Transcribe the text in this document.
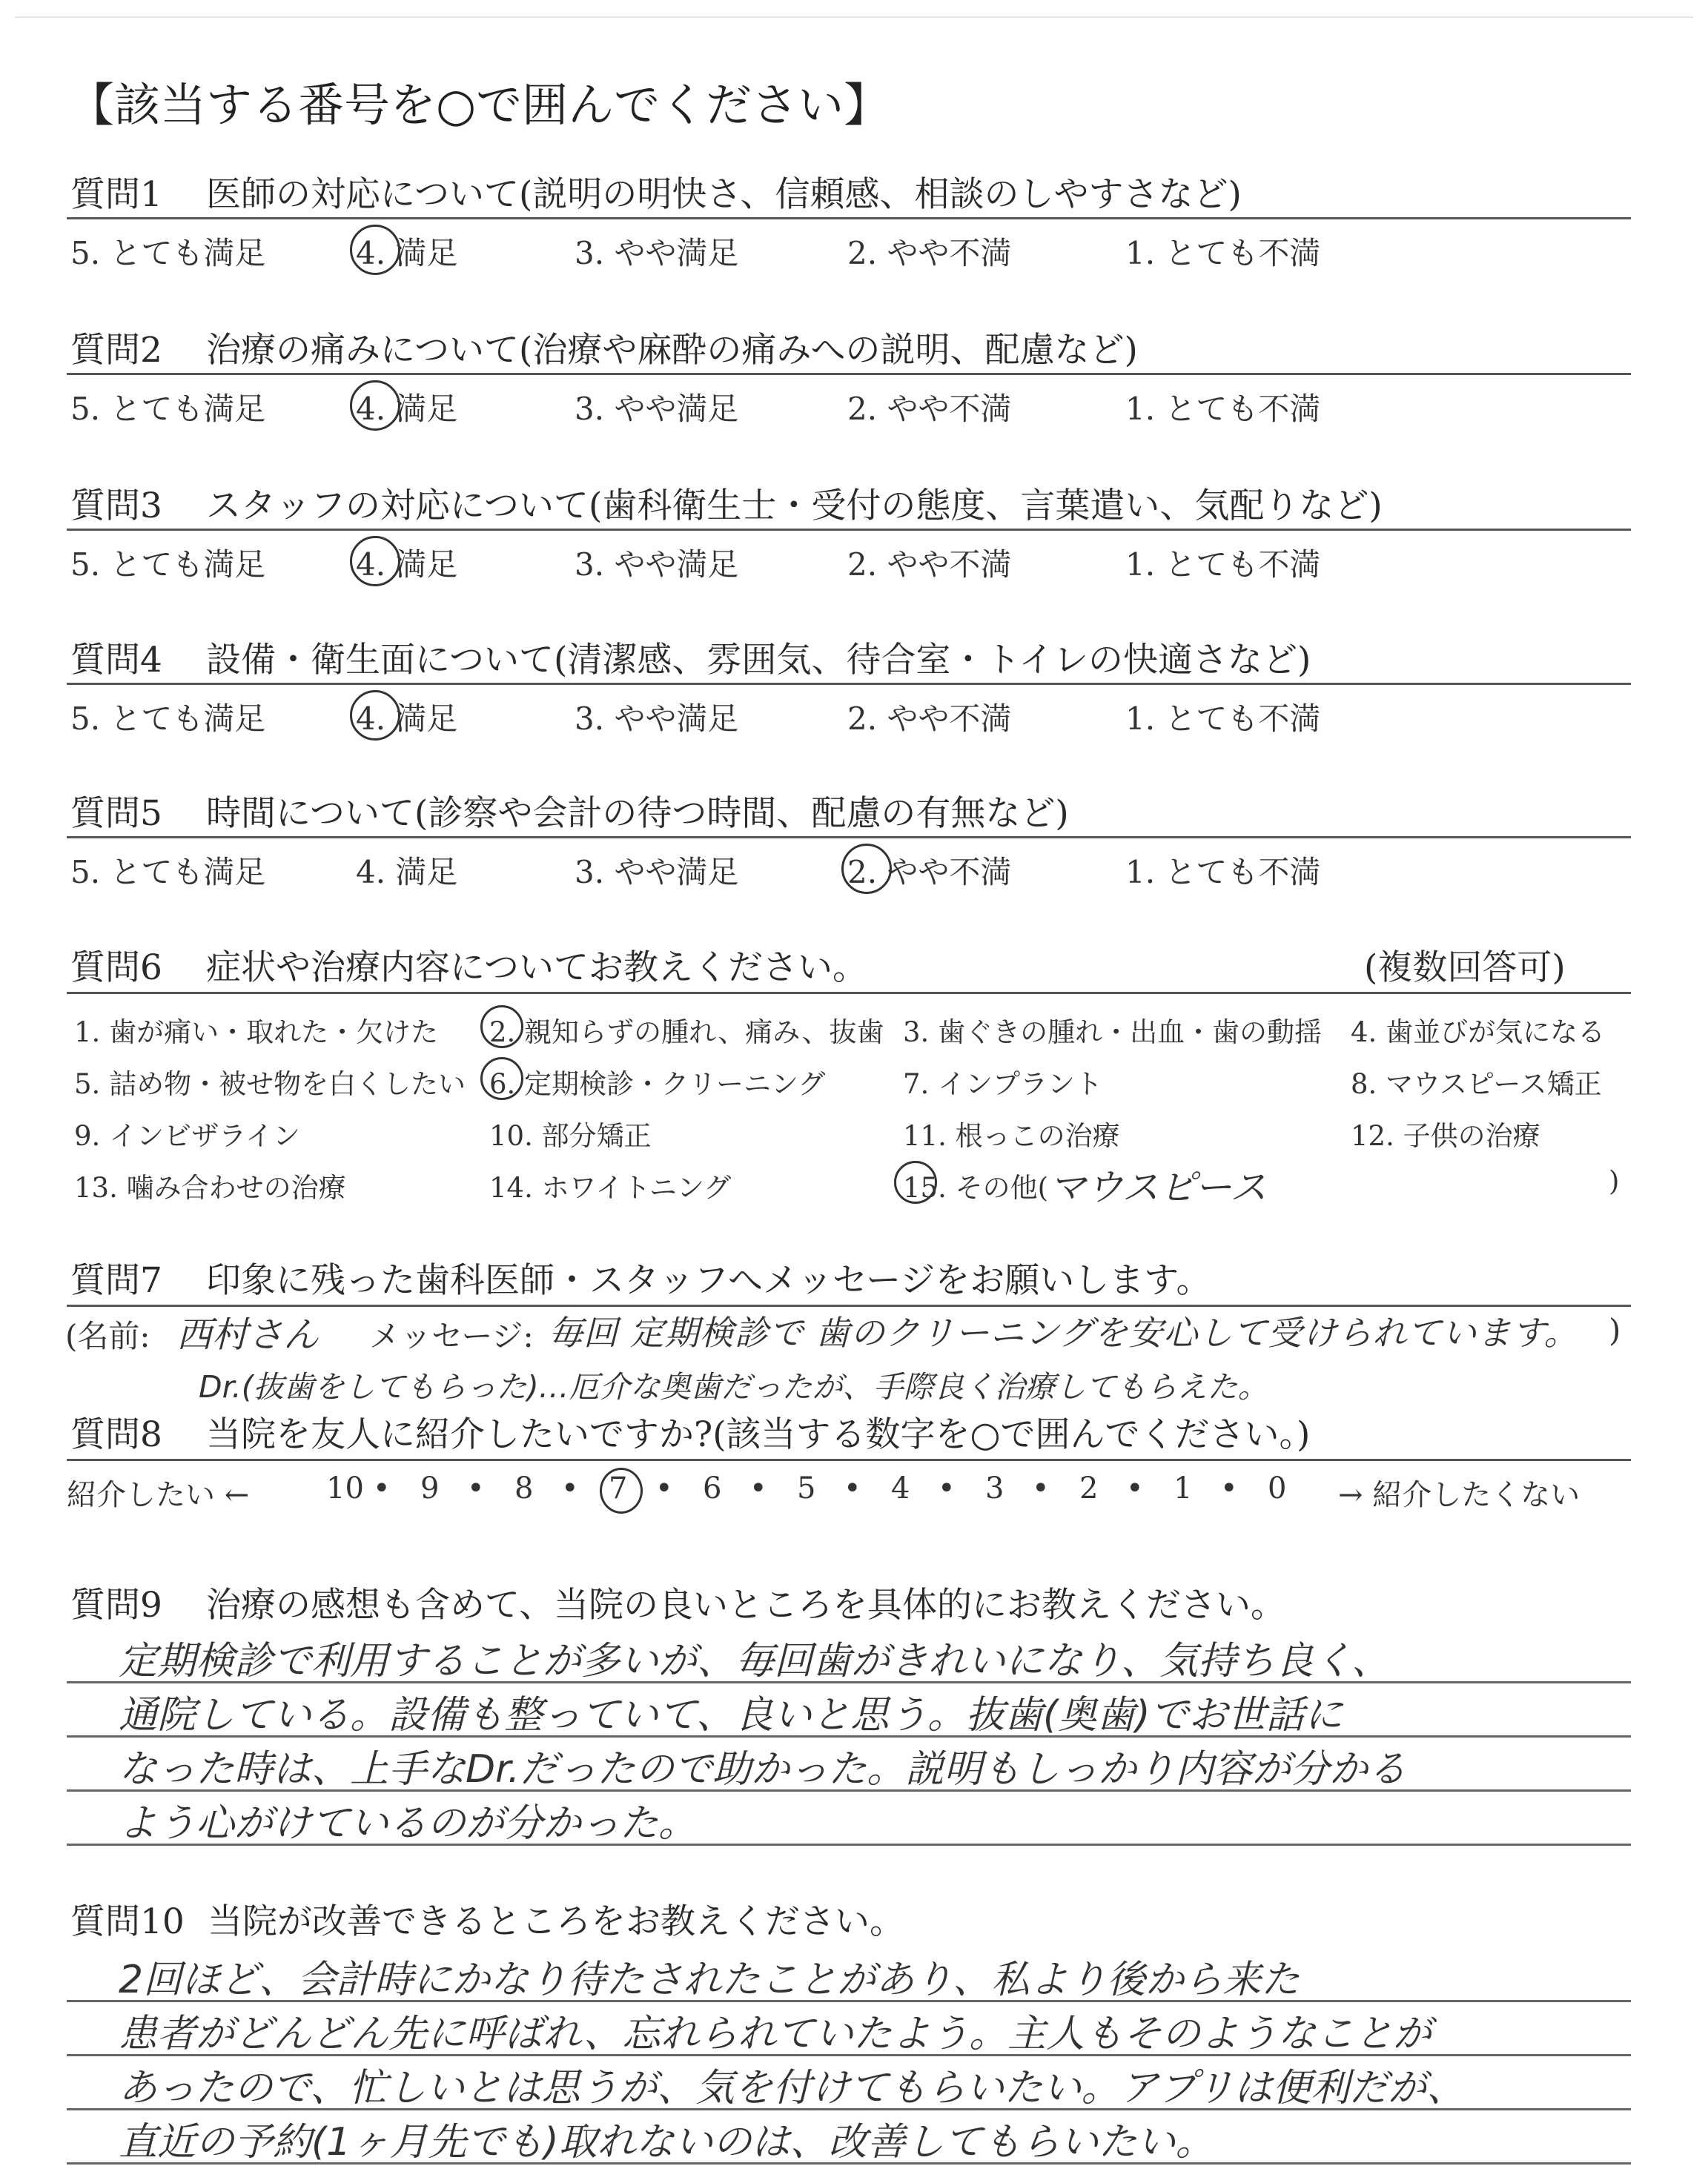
【該当する番号を○で囲んでください】
質問1 医師の対応について(説明の明快さ、信頼感、相談のしやすさなど)
5. とても満足	4. 満足	3. やや満足	2. やや不満	1. とても不満
質問2 治療の痛みについて(治療や麻酔の痛みへの説明、配慮など)
5. とても満足	4. 満足	3. やや満足	2. やや不満	1. とても不満
質問3 スタッフの対応について(歯科衛生士・受付の態度、言葉遣い、気配りなど)
5. とても満足	4. 満足	3. やや満足	2. やや不満	1. とても不満
質問4 設備・衛生面について(清潔感、雰囲気、待合室・トイレの快適さなど)
5. とても満足	4. 満足	3. やや満足	2. やや不満	1. とても不満
質問5 時間について(診察や会計の待つ時間、配慮の有無など)
5. とても満足	4. 満足	3. やや満足	2. やや不満	1. とても不満
質問6 症状や治療内容についてお教えください。	(複数回答可)
1. 歯が痛い・取れた・欠けた 2. 親知らずの腫れ、痛み、抜歯 3. 歯ぐきの腫れ・出血・歯の動揺 4. 歯並びが気になる
5. 詰め物・被せ物を白くしたい 6. 定期検診・クリーニング	7. インプラント	8. マウスピース矯正
9. インビザライン	10. 部分矯正	11. 根っこの治療	12. 子供の治療
13. 噛み合わせの治療	14. ホワイトニング	15. その他(	)
マウスピース
質問7 印象に残った歯科医師・スタッフへメッセージをお願いします。
(名前: 西村さん メッセージ: 毎回 定期検診で 歯のクリーニングを安心して受けられています。 )
Dr.(抜歯をしてもらった)…厄介な奥歯だったが、手際良く治療してもらえた。
質問8 当院を友人に紹介したいですか?(該当する数字を○で囲んでください。)
紹介したい ←	10 • 9 • 8 • 7 • 6 • 5 • 4 • 3 • 2 • 1 • 0 → 紹介したくない
質問9 治療の感想も含めて、当院の良いところを具体的にお教えください。
定期検診で利用することが多いが、毎回歯がきれいになり、気持ち良く、
通院している。設備も整っていて、良いと思う。抜歯(奥歯)でお世話に
なった時は、上手なDr.だったので助かった。説明もしっかり内容が分かる
よう心がけているのが分かった。
質問10 当院が改善できるところをお教えください。
2回ほど、会計時にかなり待たされたことがあり、私より後から来た
患者がどんどん先に呼ばれ、忘れられていたよう。主人もそのようなことが
あったので、忙しいとは思うが、気を付けてもらいたい。アプリは便利だが、
直近の予約(1ヶ月先でも)取れないのは、改善してもらいたい。
